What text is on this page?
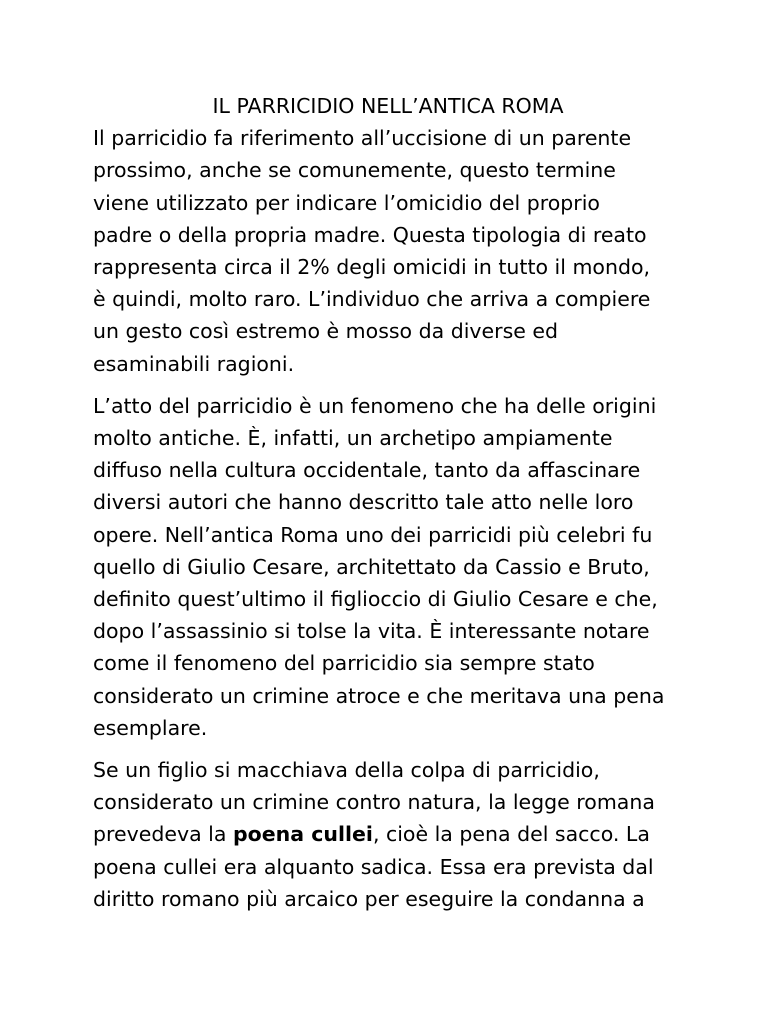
IL PARRICIDIO NELL’ANTICA ROMA
Il parricidio fa riferimento all’uccisione di un parente
prossimo, anche se comunemente, questo termine
viene utilizzato per indicare l’omicidio del proprio
padre o della propria madre. Questa tipologia di reato
rappresenta circa il 2% degli omicidi in tutto il mondo,
è quindi, molto raro. L’individuo che arriva a compiere
un gesto così estremo è mosso da diverse ed
esaminabili ragioni.
L’atto del parricidio è un fenomeno che ha delle origini
molto antiche. È, infatti, un archetipo ampiamente
diffuso nella cultura occidentale, tanto da affascinare
diversi autori che hanno descritto tale atto nelle loro
opere. Nell’antica Roma uno dei parricidi più celebri fu
quello di Giulio Cesare, architettato da Cassio e Bruto,
definito quest’ultimo il figlioccio di Giulio Cesare e che,
dopo l’assassinio si tolse la vita. È interessante notare
come il fenomeno del parricidio sia sempre stato
considerato un crimine atroce e che meritava una pena
esemplare.
Se un figlio si macchiava della colpa di parricidio,
considerato un crimine contro natura, la legge romana
prevedeva la poena cullei, cioè la pena del sacco. La
poena cullei era alquanto sadica. Essa era prevista dal
diritto romano più arcaico per eseguire la condanna a
